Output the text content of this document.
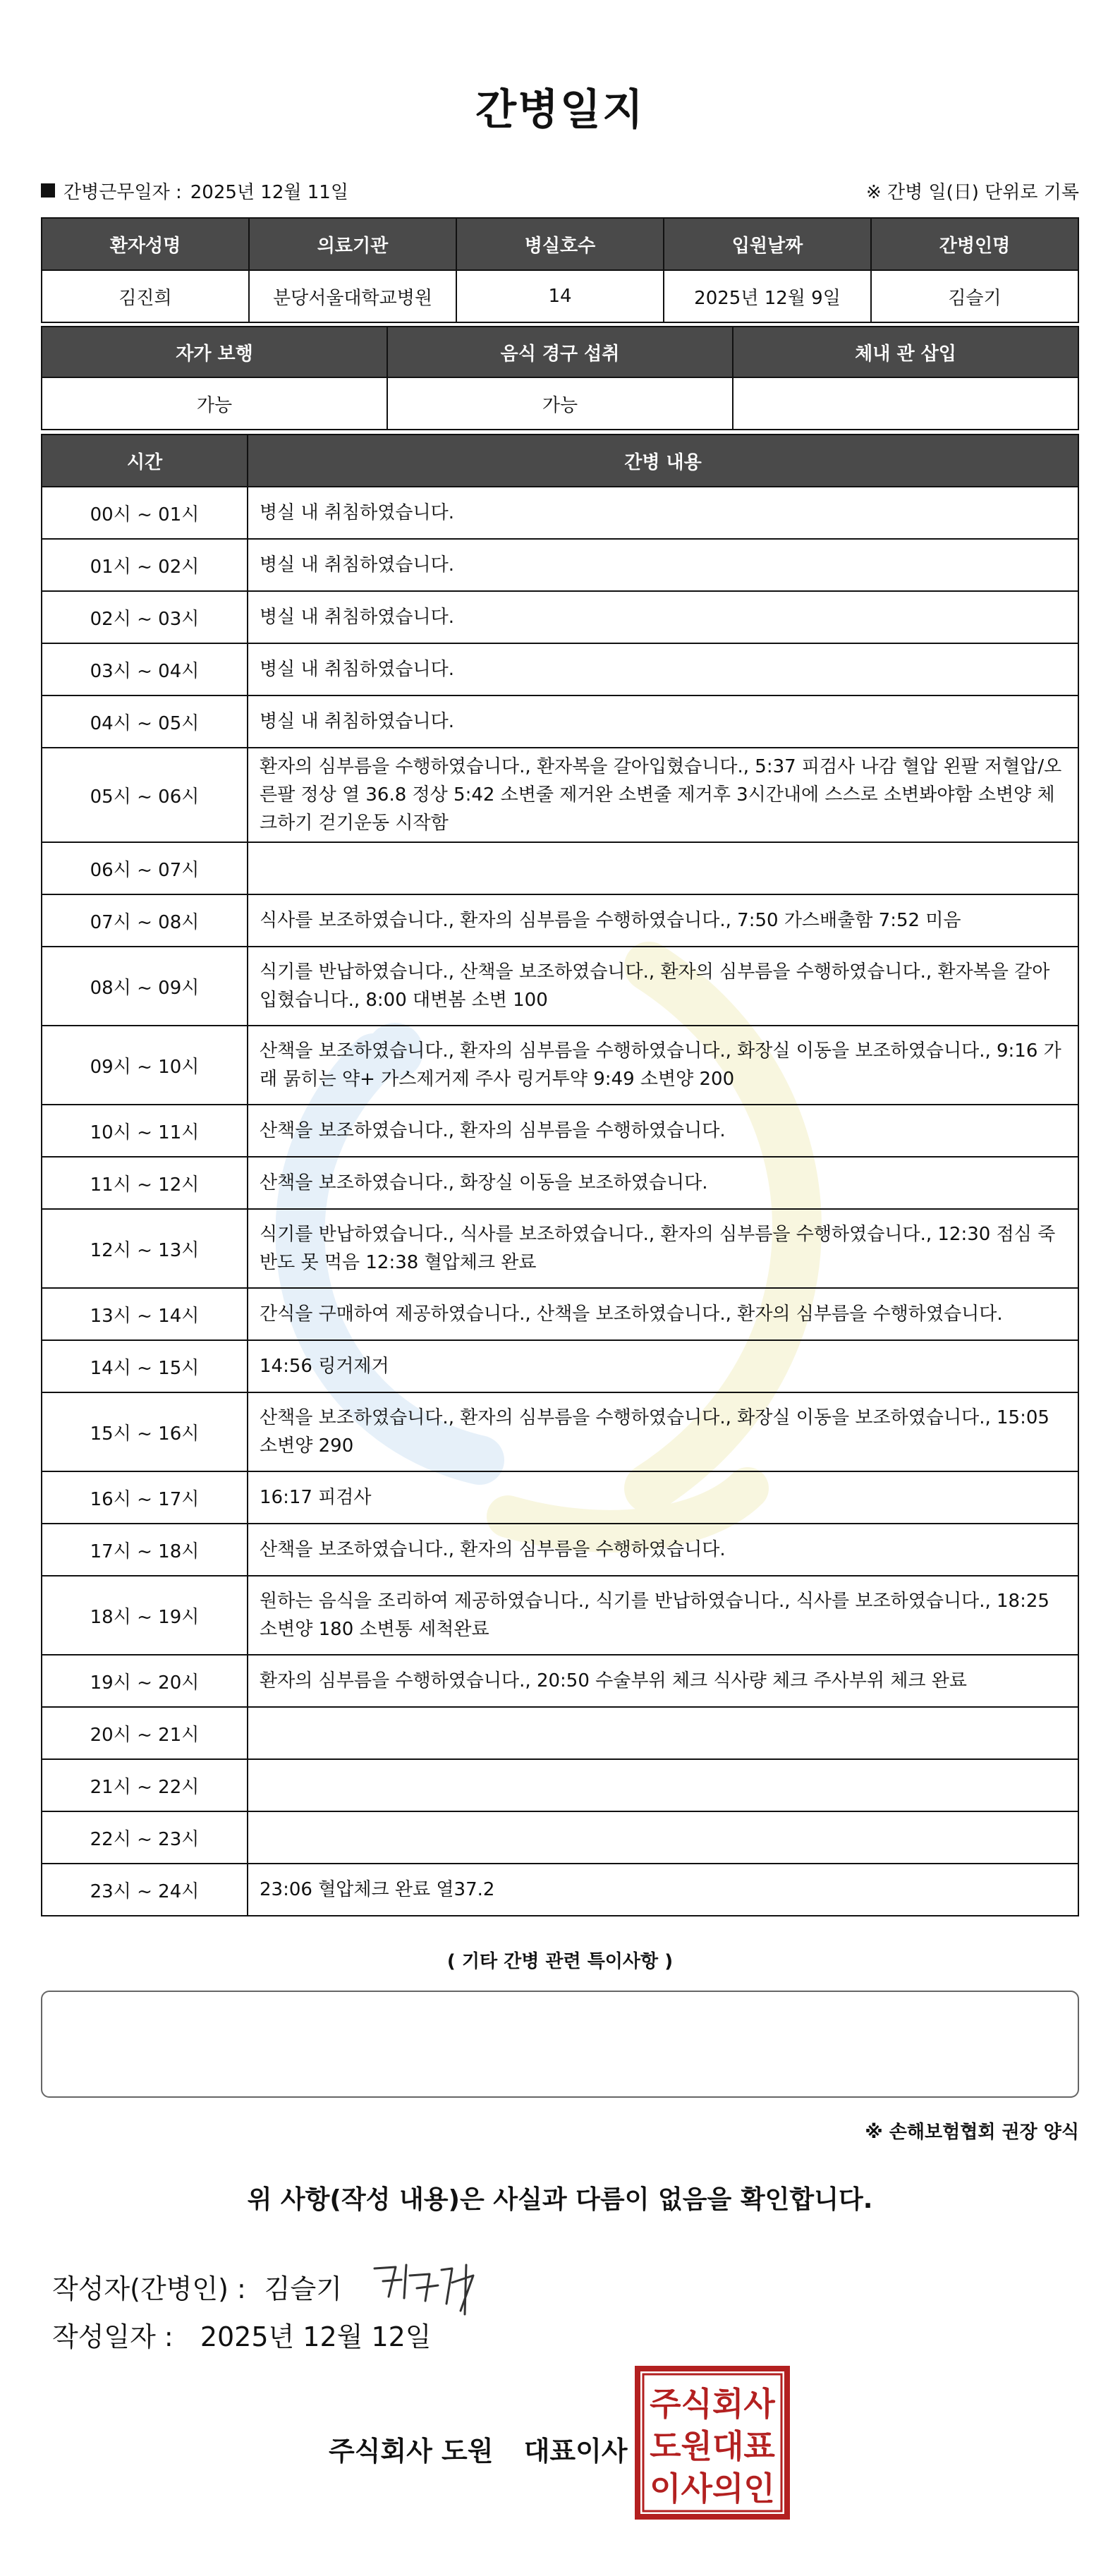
간병일지
간병근무일자 : 2025년 12월 11일	※ 간병 일(日) 단위로 기록
환자성명	의료기관	병실호수	입원날짜	간병인명
김진희	분당서울대학교병원	14	2025년 12월 9일	김슬기
자가 보행	음식 경구 섭취	체내 관 삽입
가능	가능	
시간	간병 내용
00시 ~ 01시	병실 내 취침하였습니다.
01시 ~ 02시	병실 내 취침하였습니다.
02시 ~ 03시	병실 내 취침하였습니다.
03시 ~ 04시	병실 내 취침하였습니다.
04시 ~ 05시	병실 내 취침하였습니다.
05시 ~ 06시	환자의 심부름을 수행하였습니다., 환자복을 갈아입혔습니다., 5:37 피검사 나감 혈압 왼팔 저혈압/오른팔 정상 열 36.8 정상 5:42 소변줄 제거완 소변줄 제거후 3시간내에 스스로 소변봐야함 소변양 체크하기 걷기운동 시작함
06시 ~ 07시	
07시 ~ 08시	식사를 보조하였습니다., 환자의 심부름을 수행하였습니다., 7:50 가스배출함 7:52 미음
08시 ~ 09시	식기를 반납하였습니다., 산책을 보조하였습니다., 환자의 심부름을 수행하였습니다., 환자복을 갈아입혔습니다., 8:00 대변봄 소변 100
09시 ~ 10시	산책을 보조하였습니다., 환자의 심부름을 수행하였습니다., 화장실 이동을 보조하였습니다., 9:16 가래 묽히는 약+ 가스제거제 주사 링거투약 9:49 소변양 200
10시 ~ 11시	산책을 보조하였습니다., 환자의 심부름을 수행하였습니다.
11시 ~ 12시	산책을 보조하였습니다., 화장실 이동을 보조하였습니다.
12시 ~ 13시	식기를 반납하였습니다., 식사를 보조하였습니다., 환자의 심부름을 수행하였습니다., 12:30 점심 죽반도 못 먹음 12:38 혈압체크 완료
13시 ~ 14시	간식을 구매하여 제공하였습니다., 산책을 보조하였습니다., 환자의 심부름을 수행하였습니다.
14시 ~ 15시	14:56 링거제거
15시 ~ 16시	산책을 보조하였습니다., 환자의 심부름을 수행하였습니다., 화장실 이동을 보조하였습니다., 15:05 소변양 290
16시 ~ 17시	16:17 피검사
17시 ~ 18시	산책을 보조하였습니다., 환자의 심부름을 수행하였습니다.
18시 ~ 19시	원하는 음식을 조리하여 제공하였습니다., 식기를 반납하였습니다., 식사를 보조하였습니다., 18:25 소변양 180 소변통 세척완료
19시 ~ 20시	환자의 심부름을 수행하였습니다., 20:50 수술부위 체크 식사량 체크 주사부위 체크 완료
20시 ~ 21시	
21시 ~ 22시	
22시 ~ 23시	
23시 ~ 24시	23:06 혈압체크 완료 열37.2
( 기타 간병 관련 특이사항 )
※ 손해보험협회 권장 양식
위 사항(작성 내용)은 사실과 다름이 없음을 확인합니다.
작성자(간병인) : 김슬기
작성일자 : 2025년 12월 12일
주식회사 도원 대표이사
주식회사
도원대표
이사의인
